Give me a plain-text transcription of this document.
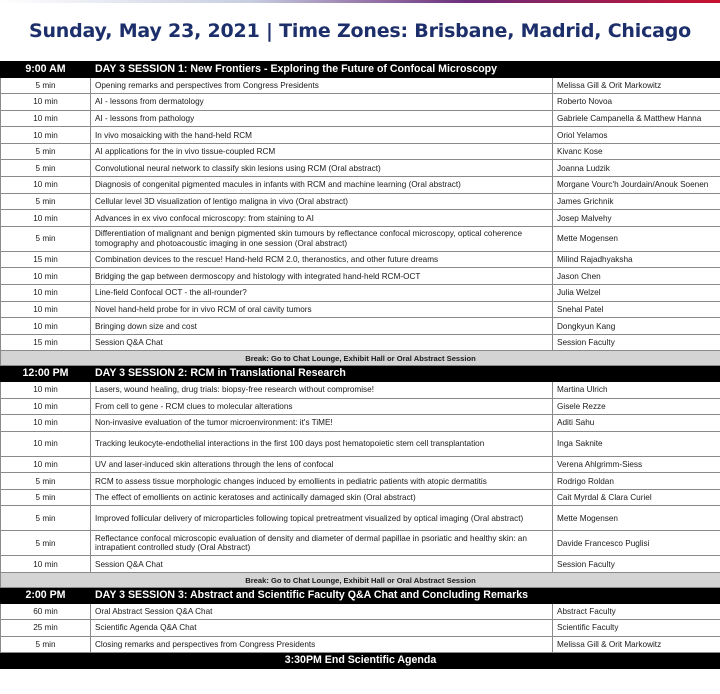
Sunday, May 23, 2021 | Time Zones: Brisbane, Madrid, Chicago
9:00 AM	DAY 3 SESSION 1: New Frontiers - Exploring the Future of Confocal Microscopy	
5 min	Opening remarks and perspectives from Congress Presidents	Melissa Gill & Orit Markowitz
10 min	AI - lessons from dermatology	Roberto Novoa
10 min	AI - lessons from pathology	Gabriele Campanella & Matthew Hanna
10 min	In vivo mosaicking with the hand-held RCM	Oriol Yelamos
5 min	AI applications for the in vivo tissue-coupled RCM	Kivanc Kose
5 min	Convolutional neural network to classify skin lesions using RCM (Oral abstract)	Joanna Ludzik
10 min	Diagnosis of congenital pigmented macules in infants with RCM and machine learning (Oral abstract)	Morgane Vourc'h Jourdain/Anouk Soenen
5 min	Cellular level 3D visualization of lentigo maligna in vivo (Oral abstract)	James Grichnik
10 min	Advances in ex vivo confocal microscopy: from staining to AI	Josep Malvehy
5 min	Differentiation of malignant and benign pigmented skin tumours by reflectance confocal microscopy, optical coherence tomography and photoacoustic imaging in one session (Oral abstract)	Mette Mogensen
15 min	Combination devices to the rescue! Hand-held RCM 2.0, theranostics, and other future dreams	Milind Rajadhyaksha
10 min	Bridging the gap between dermoscopy and histology with integrated hand-held RCM-OCT	Jason Chen
10 min	Line-field Confocal OCT - the all-rounder?	Julia Welzel
10 min	Novel hand-held probe for in vivo RCM of oral cavity tumors	Snehal Patel
10 min	Bringing down size and cost	Dongkyun Kang
15 min	Session Q&A Chat	Session Faculty
Break: Go to Chat Lounge, Exhibit Hall or Oral Abstract Session		
12:00 PM	DAY 3 SESSION 2: RCM in Translational Research	
10 min	Lasers, wound healing, drug trials: biopsy-free research without compromise!	Martina Ulrich
10 min	From cell to gene - RCM clues to molecular alterations	Gisele Rezze
10 min	Non-invasive evaluation of the tumor microenvironment: it's TiME!	Aditi Sahu
10 min	Tracking leukocyte-endothelial interactions in the first 100 days post hematopoietic stem cell transplantation	Inga Saknite
10 min	UV and laser-induced skin alterations through the lens of confocal	Verena Ahlgrimm-Siess
5 min	RCM to assess tissue morphologic changes induced by emollients in pediatric patients with atopic dermatitis	Rodrigo Roldan
5 min	The effect of emollients on actinic keratoses and actinically damaged skin (Oral abstract)	Cait Myrdal & Clara Curiel
5 min	Improved follicular delivery of microparticles following topical pretreatment visualized by optical imaging (Oral abstract)	Mette Mogensen
5 min	Reflectance confocal microscopic evaluation of density and diameter of dermal papillae in psoriatic and healthy skin: an intrapatient controlled study (Oral Abstract)	Davide Francesco Puglisi
10 min	Session Q&A Chat	Session Faculty
Break: Go to Chat Lounge, Exhibit Hall or Oral Abstract Session		
2:00 PM	DAY 3 SESSION 3: Abstract and Scientific Faculty Q&A Chat and Concluding Remarks	
60 min	Oral Abstract Session Q&A Chat	Abstract Faculty
25 min	Scientific Agenda Q&A Chat	Scientific Faculty
5 min	Closing remarks and perspectives from Congress Presidents	Melissa Gill & Orit Markowitz
3:30PM End Scientific Agenda		
